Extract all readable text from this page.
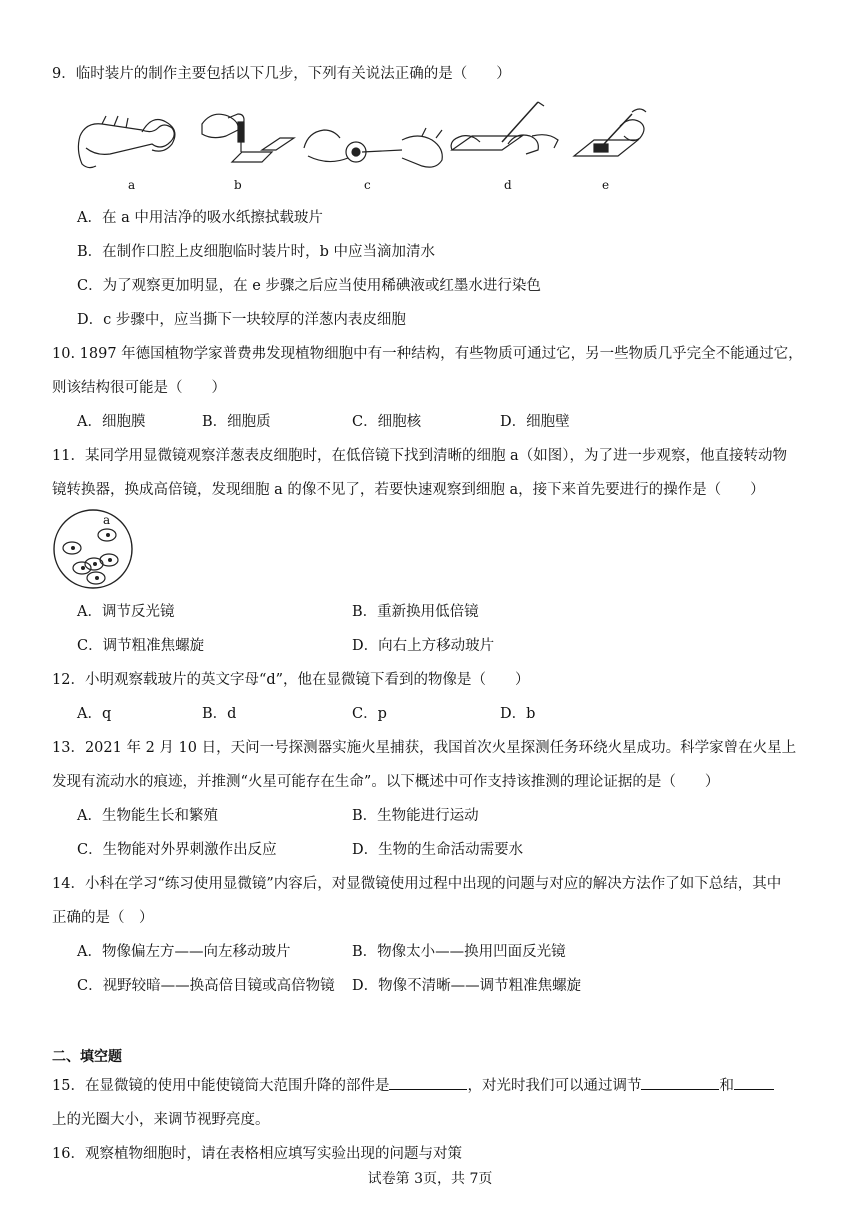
9．临时装片的制作主要包括以下几步，下列有关说法正确的是（　　）
a	b	c	d	e
A．在 a 中用洁净的吸水纸擦拭载玻片
B．在制作口腔上皮细胞临时装片时，b 中应当滴加清水
C．为了观察更加明显，在 e 步骤之后应当使用稀碘液或红墨水进行染色
D．c 步骤中，应当撕下一块较厚的洋葱内表皮细胞
10. 1897 年德国植物学家普费弗发现植物细胞中有一种结构，有些物质可通过它，另一些物质几乎完全不能通过它，
则该结构很可能是（　　）
A．细胞膜	B．细胞质	C．细胞核	D．细胞壁
11．某同学用显微镜观察洋葱表皮细胞时，在低倍镜下找到清晰的细胞 a（如图），为了进一步观察，他直接转动物
镜转换器，换成高倍镜，发现细胞 a 的像不见了，若要快速观察到细胞 a，接下来首先要进行的操作是（　　）
a
A．调节反光镜	B．重新换用低倍镜
C．调节粗准焦螺旋	D．向右上方移动玻片
12．小明观察载玻片的英文字母“d”，他在显微镜下看到的物像是（　　）
A．q	B．d	C．p	D．b
13．2021 年 2 月 10 日，天问一号探测器实施火星捕获，我国首次火星探测任务环绕火星成功。科学家曾在火星上
发现有流动水的痕迹，并推测“火星可能存在生命”。以下概述中可作支持该推测的理论证据的是（　　）
A．生物能生长和繁殖	B．生物能进行运动
C．生物能对外界刺激作出反应	D．生物的生命活动需要水
14．小科在学习“练习使用显微镜”内容后，对显微镜使用过程中出现的问题与对应的解决方法作了如下总结，其中
正确的是（　）
A．物像偏左方——向左移动玻片	B．物像太小——换用凹面反光镜
C．视野较暗——换高倍目镜或高倍物镜 D．物像不清晰——调节粗准焦螺旋
二、填空题
15．在显微镜的使用中能使镜筒大范围升降的部件是	，对光时我们可以通过调节	和
上的光圈大小，来调节视野亮度。
16．观察植物细胞时，请在表格相应填写实验出现的问题与对策
试卷第 3页，共 7页
